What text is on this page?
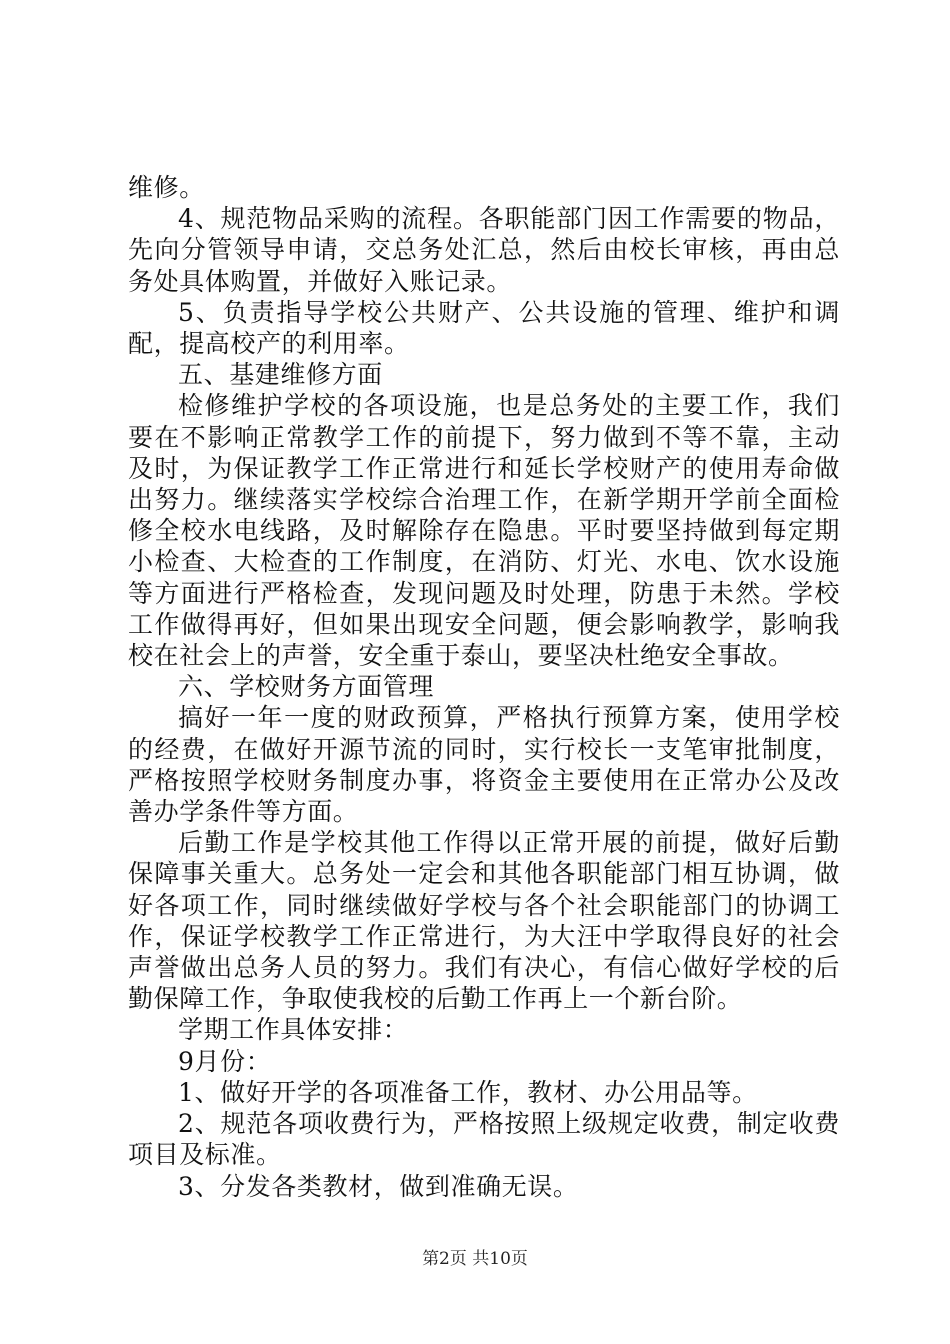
维修。

4、规范物品采购的流程。各职能部门因工作需要的物品，先向分管领导申请，交总务处汇总，然后由校长审核，再由总务处具体购置，并做好入账记录。

5、负责指导学校公共财产、公共设施的管理、维护和调配，提高校产的利用率。

五、基建维修方面

检修维护学校的各项设施，也是总务处的主要工作，我们要在不影响正常教学工作的前提下，努力做到不等不靠，主动及时，为保证教学工作正常进行和延长学校财产的使用寿命做出努力。继续落实学校综合治理工作，在新学期开学前全面检修全校水电线路，及时解除存在隐患。平时要坚持做到每定期小检查、大检查的工作制度，在消防、灯光、水电、饮水设施等方面进行严格检查，发现问题及时处理，防患于未然。学校工作做得再好，但如果出现安全问题，便会影响教学，影响我校在社会上的声誉，安全重于泰山，要坚决杜绝安全事故。

六、学校财务方面管理

搞好一年一度的财政预算，严格执行预算方案，使用学校的经费，在做好开源节流的同时，实行校长一支笔审批制度，严格按照学校财务制度办事，将资金主要使用在正常办公及改善办学条件等方面。

后勤工作是学校其他工作得以正常开展的前提，做好后勤保障事关重大。总务处一定会和其他各职能部门相互协调，做好各项工作，同时继续做好学校与各个社会职能部门的协调工作，保证学校教学工作正常进行，为大汪中学取得良好的社会声誉做出总务人员的努力。我们有决心，有信心做好学校的后勤保障工作，争取使我校的后勤工作再上一个新台阶。

学期工作具体安排：

9月份：

1、做好开学的各项准备工作，教材、办公用品等。

2、规范各项收费行为，严格按照上级规定收费，制定收费项目及标准。

3、分发各类教材，做到准确无误。

第2页 共10页
